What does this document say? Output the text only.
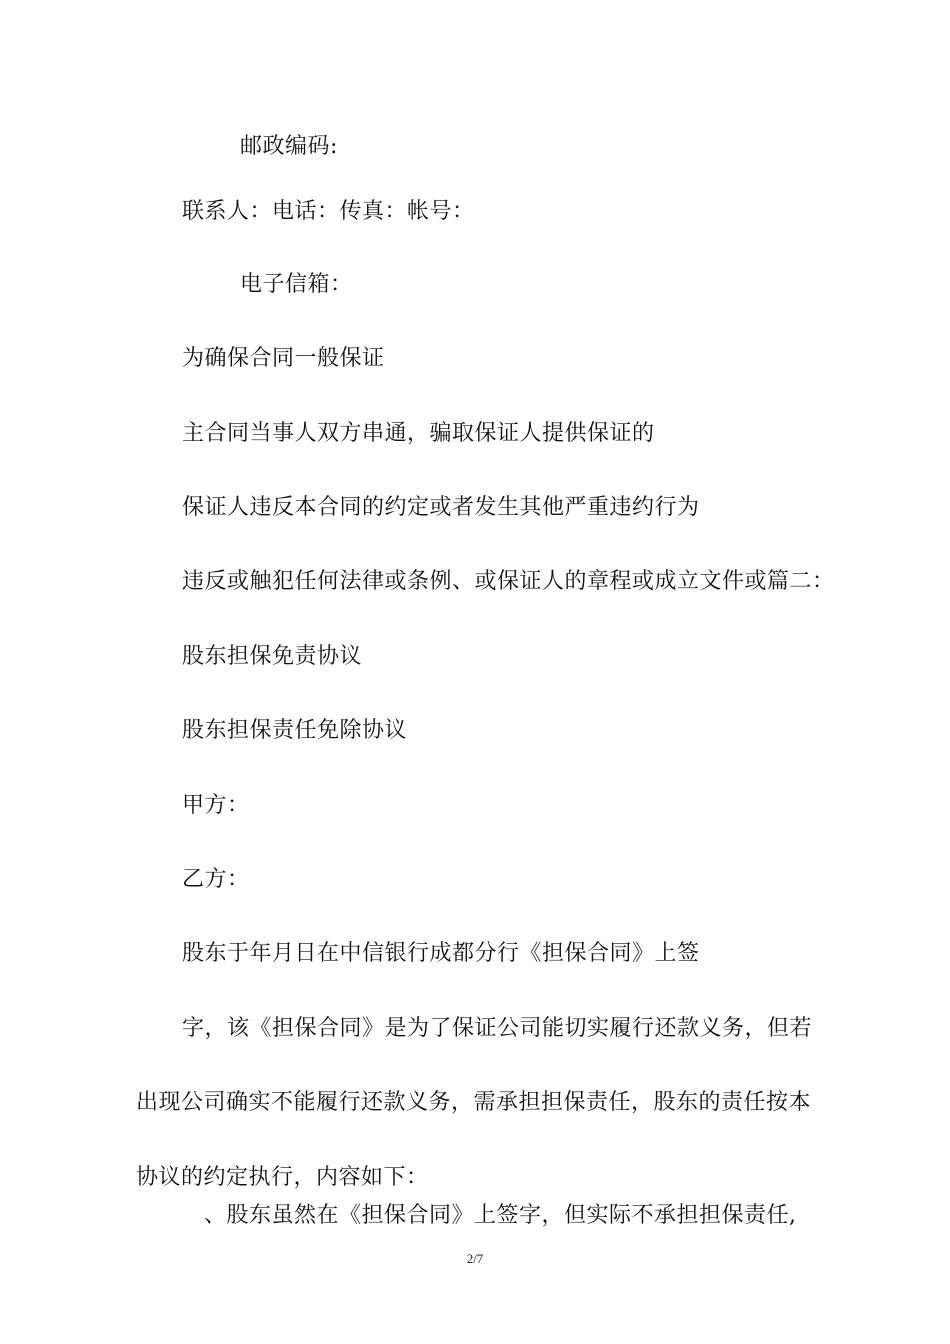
邮政编码:
联系人：电话：传真：帐号：
电子信箱：
为确保合同一般保证
主合同当事人双方串通，骗取保证人提供保证的
保证人违反本合同的约定或者发生其他严重违约行为
违反或触犯任何法律或条例、或保证人的章程或成立文件或篇二：
股东担保免责协议
股东担保责任免除协议
甲方：
乙方：
股东于年月日在中信银行成都分行《担保合同》上签
字，该《担保合同》是为了保证公司能切实履行还款义务，但若
出现公司确实不能履行还款义务，需承担担保责任，股东的责任按本
协议的约定执行，内容如下：
、股东虽然在《担保合同》上签字，但实际不承担担保责任,
2/7
